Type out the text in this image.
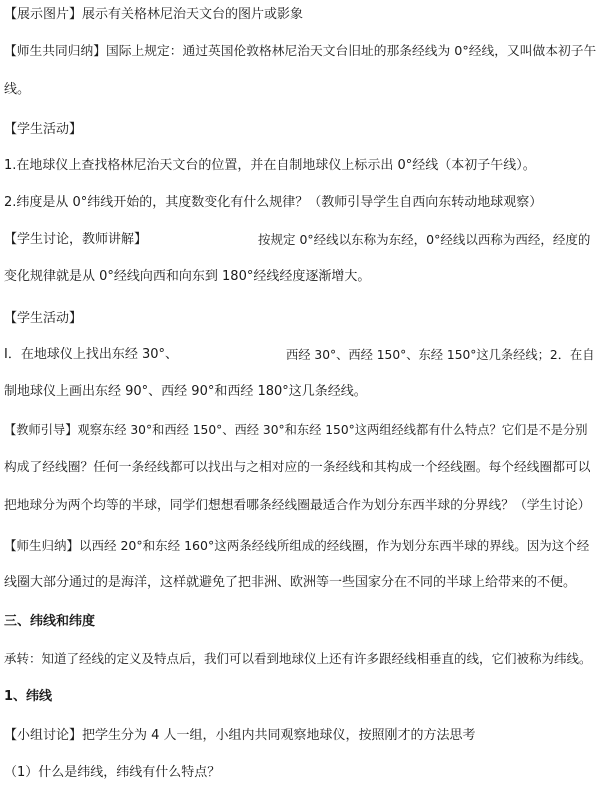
【展示图片】展示有关格林尼治天文台的图片或影象
【师生共同归纳】国际上规定：通过英国伦敦格林尼治天文台旧址的那条经线为 0°经线，又叫做本初子午
线。
【学生活动】
1.在地球仪上查找格林尼治天文台的位置，并在自制地球仪上标示出 0°经线（本初子午线）。
2.纬度是从 0°纬线开始的，其度数变化有什么规律？（教师引导学生自西向东转动地球观察）
【学生讨论，教师讲解】	按规定 0°经线以东称为东经，0°经线以西称为西经，经度的
变化规律就是从 0°经线向西和向东到 180°经线经度逐渐增大。
【学生活动】
Ⅰ．在地球仪上找出东经 30°、	西经 30°、西经 150°、东经 150°这几条经线；2．在自
制地球仪上画出东经 90°、西经 90°和西经 180°这几条经线。
【教师引导】观察东经 30°和西经 150°、西经 30°和东经 150°这两组经线都有什么特点？它们是不是分别
构成了经线圈？任何一条经线都可以找出与之相对应的一条经线和其构成一个经线圈。每个经线圈都可以
把地球分为两个均等的半球，同学们想想看哪条经线圈最适合作为划分东西半球的分界线？（学生讨论）
【师生归纳】以西经 20°和东经 160°这两条经线所组成的经线圈，作为划分东西半球的界线。因为这个经
线圈大部分通过的是海洋，这样就避免了把非洲、欧洲等一些国家分在不同的半球上给带来的不便。
三、纬线和纬度
承转：知道了经线的定义及特点后，我们可以看到地球仪上还有许多跟经线相垂直的线，它们被称为纬线。
1、纬线
【小组讨论】把学生分为 4 人一组，小组内共同观察地球仪，按照刚才的方法思考
（1）什么是纬线，纬线有什么特点？
